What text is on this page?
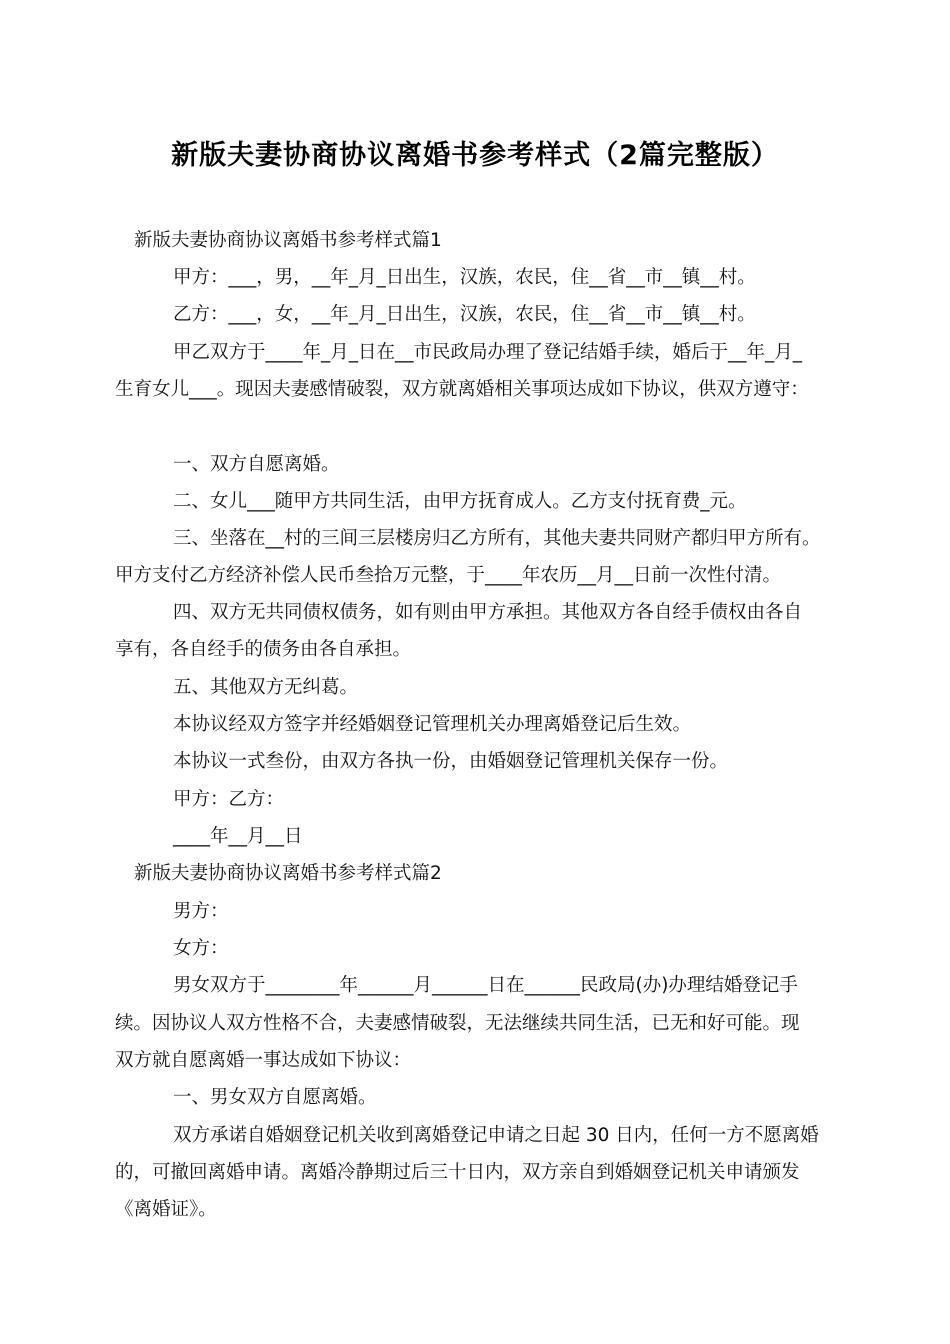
新版夫妻协商协议离婚书参考样式（2篇完整版）
新版夫妻协商协议离婚书参考样式篇1
甲方：___，男，__年_月_日出生，汉族，农民，住__省__市__镇__村。
乙方：___，女，__年_月_日出生，汉族，农民，住__省__市__镇__村。
甲乙双方于____年_月_日在__市民政局办理了登记结婚手续，婚后于__年_月_
生育女儿___。现因夫妻感情破裂，双方就离婚相关事项达成如下协议，供双方遵守：
一、双方自愿离婚。
二、女儿___随甲方共同生活，由甲方抚育成人。乙方支付抚育费_元。
三、坐落在__村的三间三层楼房归乙方所有，其他夫妻共同财产都归甲方所有。
甲方支付乙方经济补偿人民币叁拾万元整，于____年农历__月__日前一次性付清。
四、双方无共同债权债务，如有则由甲方承担。其他双方各自经手债权由各自
享有，各自经手的债务由各自承担。
五、其他双方无纠葛。
本协议经双方签字并经婚姻登记管理机关办理离婚登记后生效。
本协议一式叁份，由双方各执一份，由婚姻登记管理机关保存一份。
甲方：乙方：
____年__月__日
新版夫妻协商协议离婚书参考样式篇2
男方：
女方：
男女双方于________年______月______日在______民政局(办)办理结婚登记手
续。因协议人双方性格不合，夫妻感情破裂，无法继续共同生活，已无和好可能。现
双方就自愿离婚一事达成如下协议：
一、男女双方自愿离婚。
双方承诺自婚姻登记机关收到离婚登记申请之日起 30 日内，任何一方不愿离婚
的，可撤回离婚申请。离婚冷静期过后三十日内，双方亲自到婚姻登记机关申请颁发
《离婚证》。
